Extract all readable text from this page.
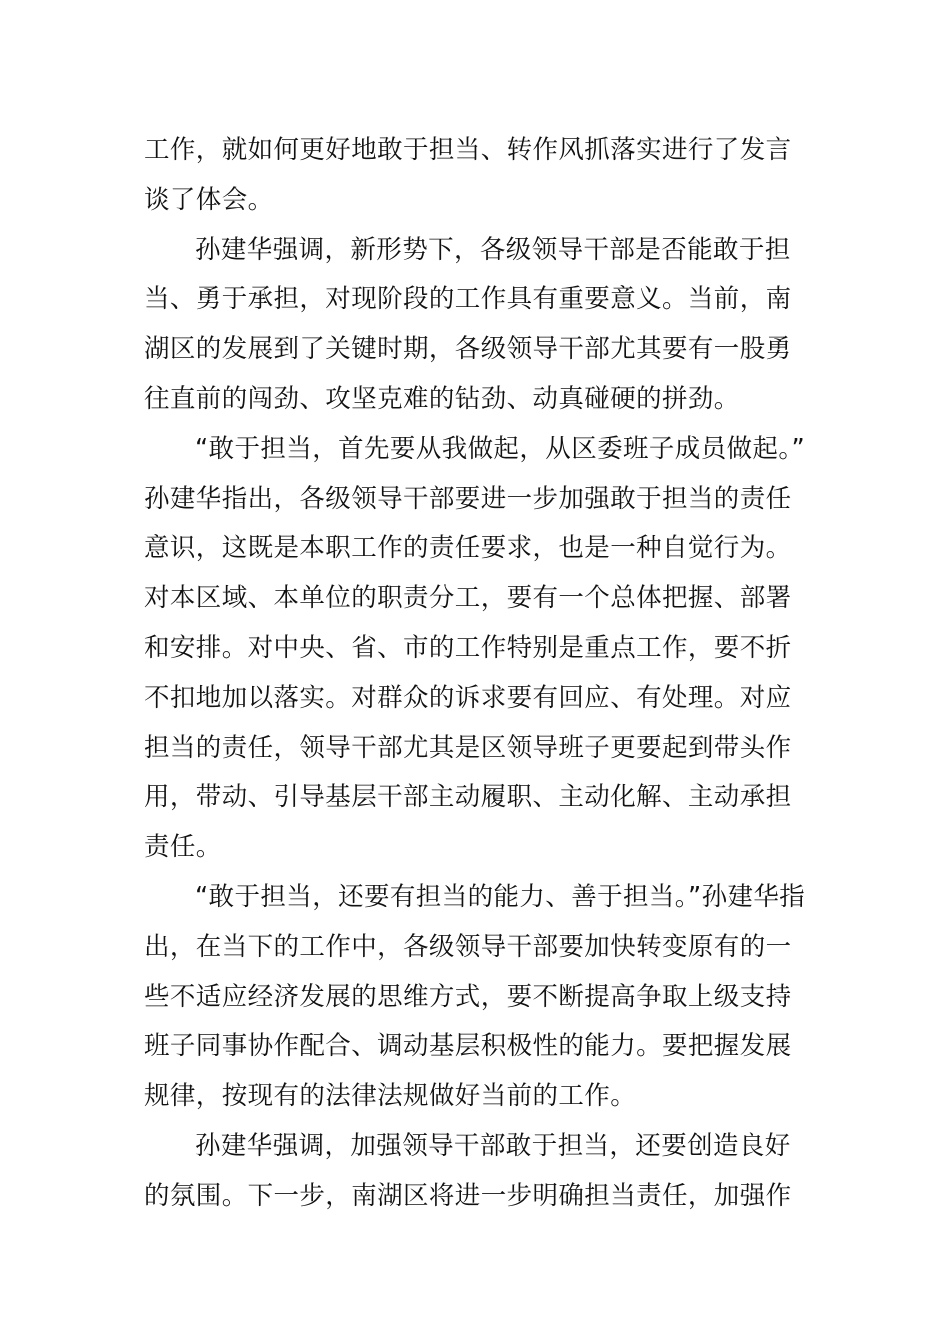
工作，就如何更好地敢于担当、转作风抓落实进行了发言
谈了体会。
孙建华强调，新形势下，各级领导干部是否能敢于担
当、勇于承担，对现阶段的工作具有重要意义。当前，南
湖区的发展到了关键时期，各级领导干部尤其要有一股勇
往直前的闯劲、攻坚克难的钻劲、动真碰硬的拼劲。
“敢于担当，首先要从我做起，从区委班子成员做起。”
孙建华指出，各级领导干部要进一步加强敢于担当的责任
意识，这既是本职工作的责任要求，也是一种自觉行为。
对本区域、本单位的职责分工，要有一个总体把握、部署
和安排。对中央、省、市的工作特别是重点工作，要不折
不扣地加以落实。对群众的诉求要有回应、有处理。对应
担当的责任，领导干部尤其是区领导班子更要起到带头作
用，带动、引导基层干部主动履职、主动化解、主动承担
责任。
“敢于担当，还要有担当的能力、善于担当。”孙建华指
出，在当下的工作中，各级领导干部要加快转变原有的一
些不适应经济发展的思维方式，要不断提高争取上级支持
班子同事协作配合、调动基层积极性的能力。要把握发展
规律，按现有的法律法规做好当前的工作。
孙建华强调，加强领导干部敢于担当，还要创造良好
的氛围。下一步，南湖区将进一步明确担当责任，加强作
